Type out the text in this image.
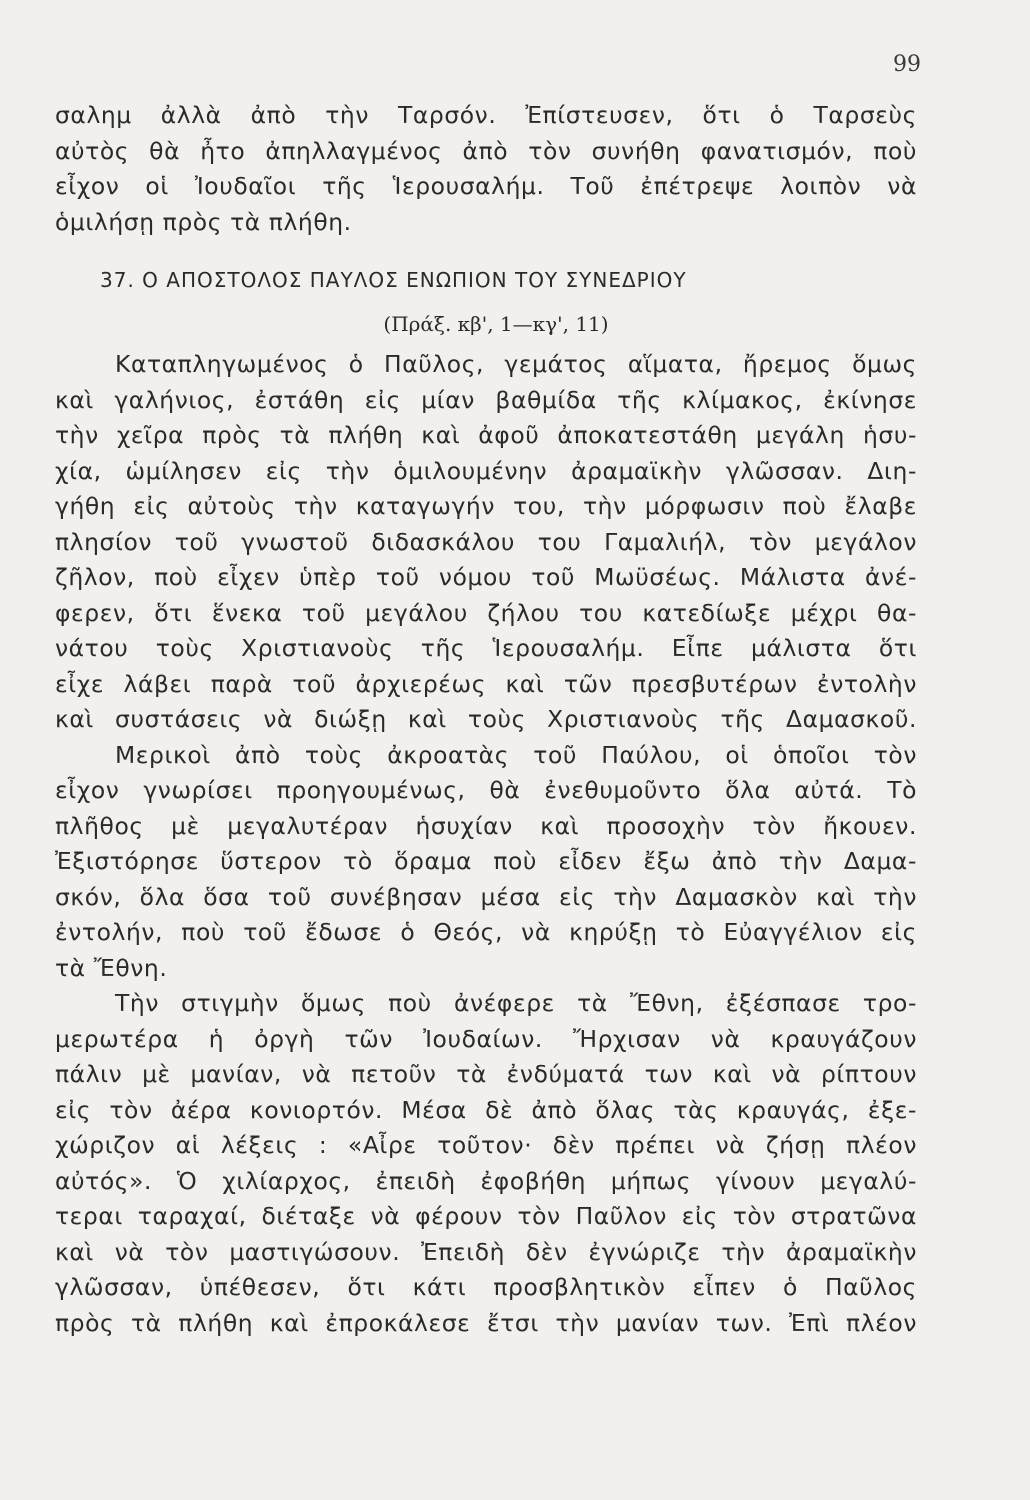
99
σαλημ ἀλλὰ ἀπὸ τὴν Ταρσόν. Ἐπίστευσεν, ὅτι ὁ Ταρσεὺς
αὐτὸς θὰ ἦτο ἀπηλλαγμένος ἀπὸ τὸν συνήθη φανατισμόν, ποὺ
εἶχον οἱ Ἰουδαῖοι τῆς Ἱερουσαλήμ. Τοῦ ἐπέτρεψε λοιπὸν νὰ
ὁμιλήσῃ πρὸς τὰ πλήθη.
37. Ο ΑΠΟΣΤΟΛΟΣ ΠΑΥΛΟΣ ΕΝΩΠΙΟΝ ΤΟΥ ΣΥΝΕΔΡΙΟΥ
(Πράξ. κβ', 1—κγ', 11)
Καταπληγωμένος ὁ Παῦλος, γεμάτος αἵματα, ἤρεμος ὅμως
καὶ γαλήνιος, ἐστάθη εἰς μίαν βαθμίδα τῆς κλίμακος, ἐκίνησε
τὴν χεῖρα πρὸς τὰ πλήθη καὶ ἀφοῦ ἀποκατεστάθη μεγάλη ἡσυ-
χία, ὡμίλησεν εἰς τὴν ὁμιλουμένην ἀραμαϊκὴν γλῶσσαν. Διη-
γήθη εἰς αὐτοὺς τὴν καταγωγήν του, τὴν μόρφωσιν ποὺ ἔλαβε
πλησίον τοῦ γνωστοῦ διδασκάλου του Γαμαλιήλ, τὸν μεγάλον
ζῆλον, ποὺ εἶχεν ὑπὲρ τοῦ νόμου τοῦ Μωϋσέως. Μάλιστα ἀνέ-
φερεν, ὅτι ἕνεκα τοῦ μεγάλου ζήλου του κατεδίωξε μέχρι θα-
νάτου τοὺς Χριστιανοὺς τῆς Ἱερουσαλήμ. Εἶπε μάλιστα ὅτι
εἶχε λάβει παρὰ τοῦ ἀρχιερέως καὶ τῶν πρεσβυτέρων ἐντολὴν
καὶ συστάσεις νὰ διώξῃ καὶ τοὺς Χριστιανοὺς τῆς Δαμασκοῦ.
Μερικοὶ ἀπὸ τοὺς ἀκροατὰς τοῦ Παύλου, οἱ ὁποῖοι τὸν
εἶχον γνωρίσει προηγουμένως, θὰ ἐνεθυμοῦντο ὅλα αὐτά. Τὸ
πλῆθος μὲ μεγαλυτέραν ἡσυχίαν καὶ προσοχὴν τὸν ἤκουεν.
Ἐξιστόρησε ὕστερον τὸ ὅραμα ποὺ εἶδεν ἔξω ἀπὸ τὴν Δαμα-
σκόν, ὅλα ὅσα τοῦ συνέβησαν μέσα εἰς τὴν Δαμασκὸν καὶ τὴν
ἐντολήν, ποὺ τοῦ ἔδωσε ὁ Θεός, νὰ κηρύξῃ τὸ Εὐαγγέλιον εἰς
τὰ Ἔθνη.
Τὴν στιγμὴν ὅμως ποὺ ἀνέφερε τὰ Ἔθνη, ἐξέσπασε τρο-
μερωτέρα ἡ ὀργὴ τῶν Ἰουδαίων. Ἤρχισαν νὰ κραυγάζουν
πάλιν μὲ μανίαν, νὰ πετοῦν τὰ ἐνδύματά των καὶ νὰ ρίπτουν
εἰς τὸν ἀέρα κονιορτόν. Μέσα δὲ ἀπὸ ὅλας τὰς κραυγάς, ἐξε-
χώριζον αἱ λέξεις : «Αἶρε τοῦτον· δὲν πρέπει νὰ ζήσῃ πλέον
αὐτός». Ὁ χιλίαρχος, ἐπειδὴ ἐφοβήθη μήπως γίνουν μεγαλύ-
τεραι ταραχαί, διέταξε νὰ φέρουν τὸν Παῦλον εἰς τὸν στρατῶνα
καὶ νὰ τὸν μαστιγώσουν. Ἐπειδὴ δὲν ἐγνώριζε τὴν ἀραμαϊκὴν
γλῶσσαν, ὑπέθεσεν, ὅτι κάτι προσβλητικὸν εἶπεν ὁ Παῦλος
πρὸς τὰ πλήθη καὶ ἐπροκάλεσε ἔτσι τὴν μανίαν των. Ἐπὶ πλέον
